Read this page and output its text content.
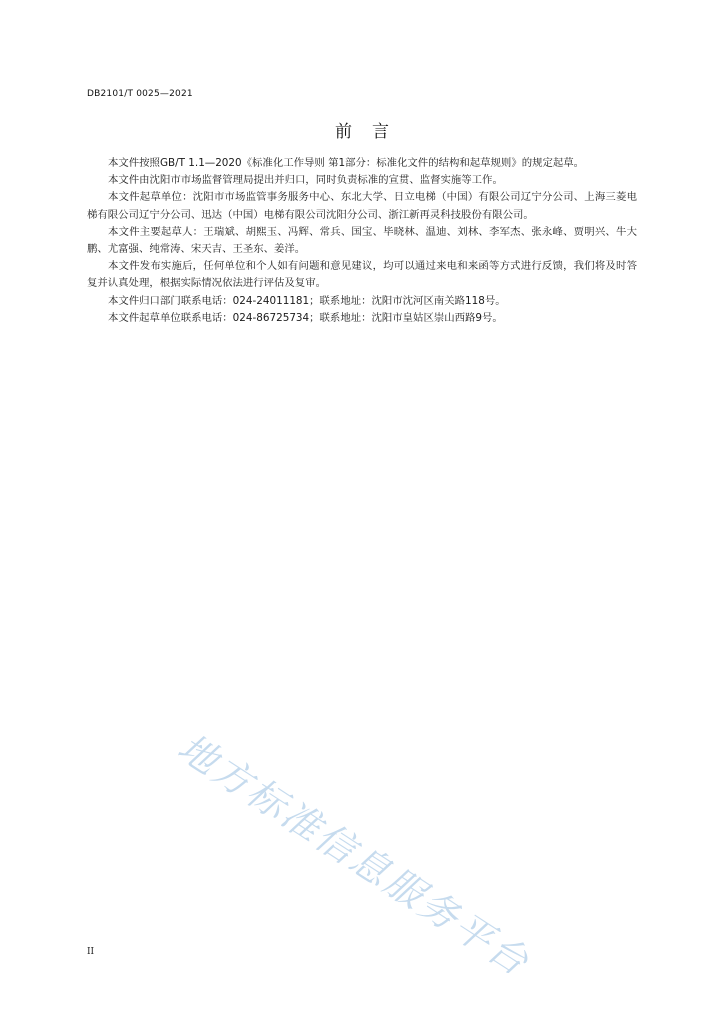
DB2101/T 0025—2021
前言

本文件按照GB/T 1.1—2020《标准化工作导则 第1部分：标准化文件的结构和起草规则》的规定起草。

本文件由沈阳市市场监督管理局提出并归口，同时负责标准的宣贯、监督实施等工作。

本文件起草单位：沈阳市市场监管事务服务中心、东北大学、日立电梯（中国）有限公司辽宁分公司、上海三菱电梯有限公司辽宁分公司、迅达（中国）电梯有限公司沈阳分公司、浙江新再灵科技股份有限公司。

本文件主要起草人：王瑞斌、胡熙玉、冯辉、常兵、国宝、毕晓林、温迪、刘林、李军杰、张永峰、贾明兴、牛大鹏、尤富强、纯常涛、宋天吉、王圣东、姜洋。

本文件发布实施后，任何单位和个人如有问题和意见建议，均可以通过来电和来函等方式进行反馈，我们将及时答复并认真处理，根据实际情况依法进行评估及复审。

本文件归口部门联系电话：024-24011181；联系地址：沈阳市沈河区南关路118号。

本文件起草单位联系电话：024-86725734；联系地址：沈阳市皇姑区崇山西路9号。

地方标准信息服务平台
II
